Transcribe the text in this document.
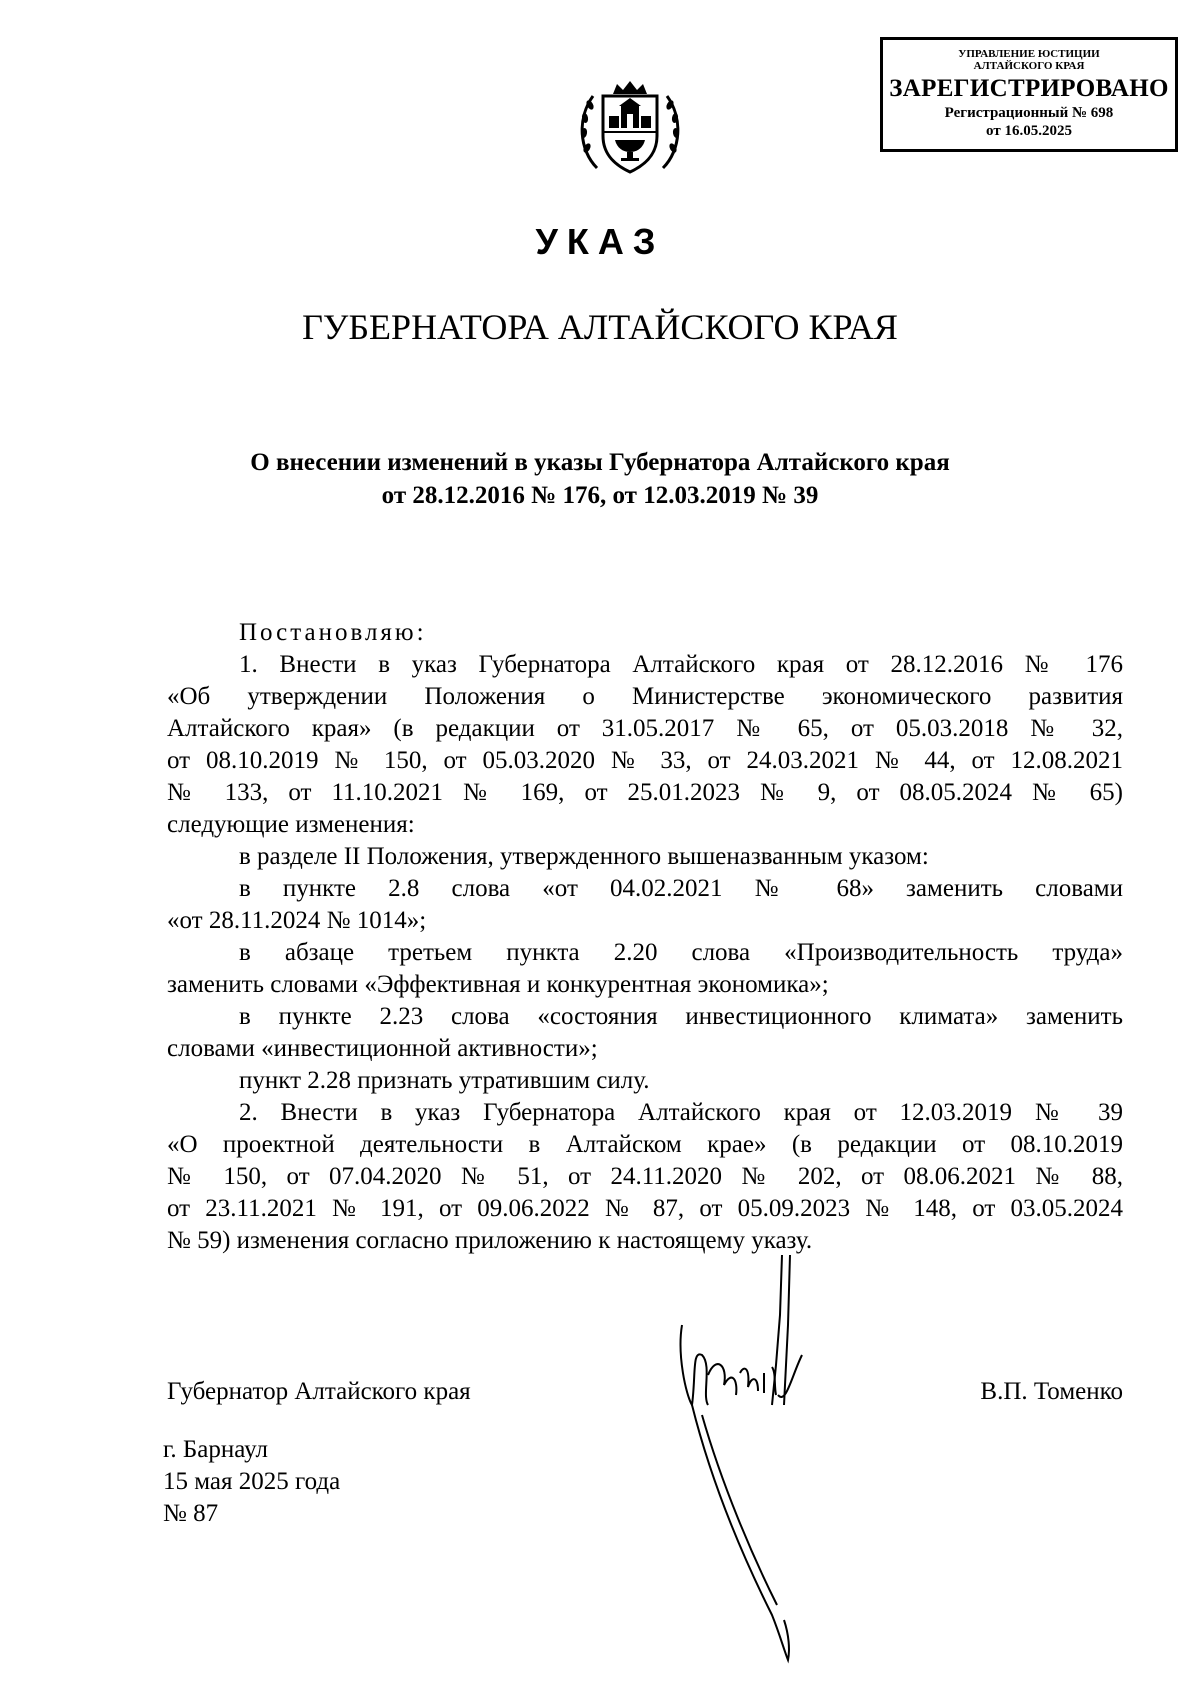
УПРАВЛЕНИЕ ЮСТИЦИИ
АЛТАЙСКОГО КРАЯ
ЗАРЕГИСТРИРОВАНО
Регистрационный № 698
от 16.05.2025
УКАЗ
ГУБЕРНАТОРА АЛТАЙСКОГО КРАЯ
О внесении изменений в указы Губернатора Алтайского края
от 28.12.2016 № 176, от 12.03.2019 № 39
Постановляю:
1. Внести в указ Губернатора Алтайского края от 28.12.2016 № 176
«Об утверждении Положения о Министерстве экономического развития
Алтайского края» (в редакции от 31.05.2017 № 65, от 05.03.2018 № 32,
от 08.10.2019 № 150, от 05.03.2020 № 33, от 24.03.2021 № 44, от 12.08.2021
№ 133, от 11.10.2021 № 169, от 25.01.2023 № 9, от 08.05.2024 № 65)
следующие изменения:
в разделе II Положения, утвержденного вышеназванным указом:
в пункте 2.8 слова «от 04.02.2021 № 68» заменить словами
«от 28.11.2024 № 1014»;
в абзаце третьем пункта 2.20 слова «Производительность труда»
заменить словами «Эффективная и конкурентная экономика»;
в пункте 2.23 слова «состояния инвестиционного климата» заменить
словами «инвестиционной активности»;
пункт 2.28 признать утратившим силу.
2. Внести в указ Губернатора Алтайского края от 12.03.2019 № 39
«О проектной деятельности в Алтайском крае» (в редакции от 08.10.2019
№ 150, от 07.04.2020 № 51, от 24.11.2020 № 202, от 08.06.2021 № 88,
от 23.11.2021 № 191, от 09.06.2022 № 87, от 05.09.2023 № 148, от 03.05.2024
№ 59) изменения согласно приложению к настоящему указу.
Губернатор Алтайского края	В.П. Томенко
г. Барнаул
15 мая 2025 года
№ 87
